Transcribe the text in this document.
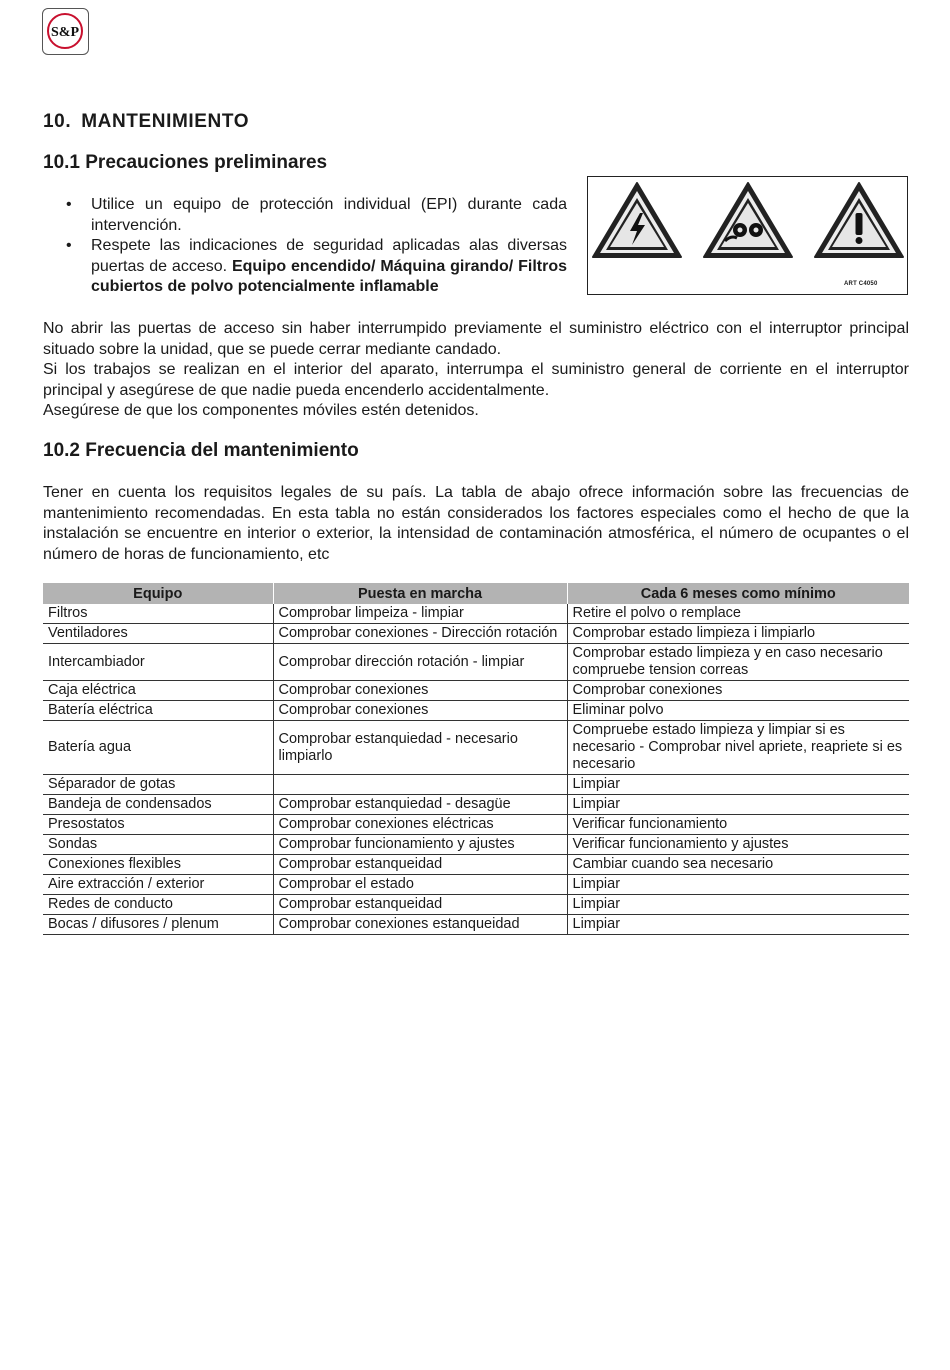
S&P
10. MANTENIMIENTO
10.1 Precauciones preliminares
• Utilice un equipo de protección individual (EPI) durante cada intervención.
• Respete las indicaciones de seguridad aplicadas alas diversas puertas de acceso. Equipo encendido/ Máquina girando/ Filtros cubiertos de polvo potencialmente inflamable	ART C4050

No abrir las puertas de acceso sin haber interrumpido previamente el suministro eléctrico con el interruptor principal situado sobre la unidad, que se puede cerrar mediante candado.

Si los trabajos se realizan en el interior del aparato, interrumpa el suministro general de corriente en el interruptor principal y asegúrese de que nadie pueda encenderlo accidentalmente.

Asegúrese de que los componentes móviles estén detenidos.

10.2 Frecuencia del mantenimiento

Tener en cuenta los requisitos legales de su país. La tabla de abajo ofrece información sobre las frecuencias de mantenimiento recomendadas. En esta tabla no están considerados los factores especiales como el hecho de que la instalación se encuentre en interior o exterior, la intensidad de contaminación atmosférica, el número de ocupantes o el número de horas de funcionamiento, etc

Equipo	Puesta en marcha	Cada 6 meses como mínimo
Filtros	Comprobar limpeiza - limpiar	Retire el polvo o remplace
Ventiladores	Comprobar conexiones - Dirección rotación	Comprobar estado limpieza i limpiarlo
Intercambiador	Comprobar dirección rotación - limpiar	Comprobar estado limpieza y en caso necesario compruebe tension correas
Caja eléctrica	Comprobar conexiones	Comprobar conexiones
Batería eléctrica	Comprobar conexiones	Eliminar polvo
Batería agua	Comprobar estanquiedad - necesario limpiarlo	Compruebe estado limpieza y limpiar si es necesario - Comprobar nivel apriete, reapriete si es necesario
Séparador de gotas		Limpiar
Bandeja de condensados	Comprobar estanquiedad - desagüe	Limpiar
Presostatos	Comprobar conexiones eléctricas	Verificar funcionamiento
Sondas	Comprobar funcionamiento y ajustes	Verificar funcionamiento y ajustes
Conexiones flexibles	Comprobar estanqueidad	Cambiar cuando sea necesario
Aire extracción / exterior	Comprobar el estado	Limpiar
Redes de conducto	Comprobar estanqueidad	Limpiar
Bocas / difusores / plenum	Comprobar conexiones estanqueidad	Limpiar
